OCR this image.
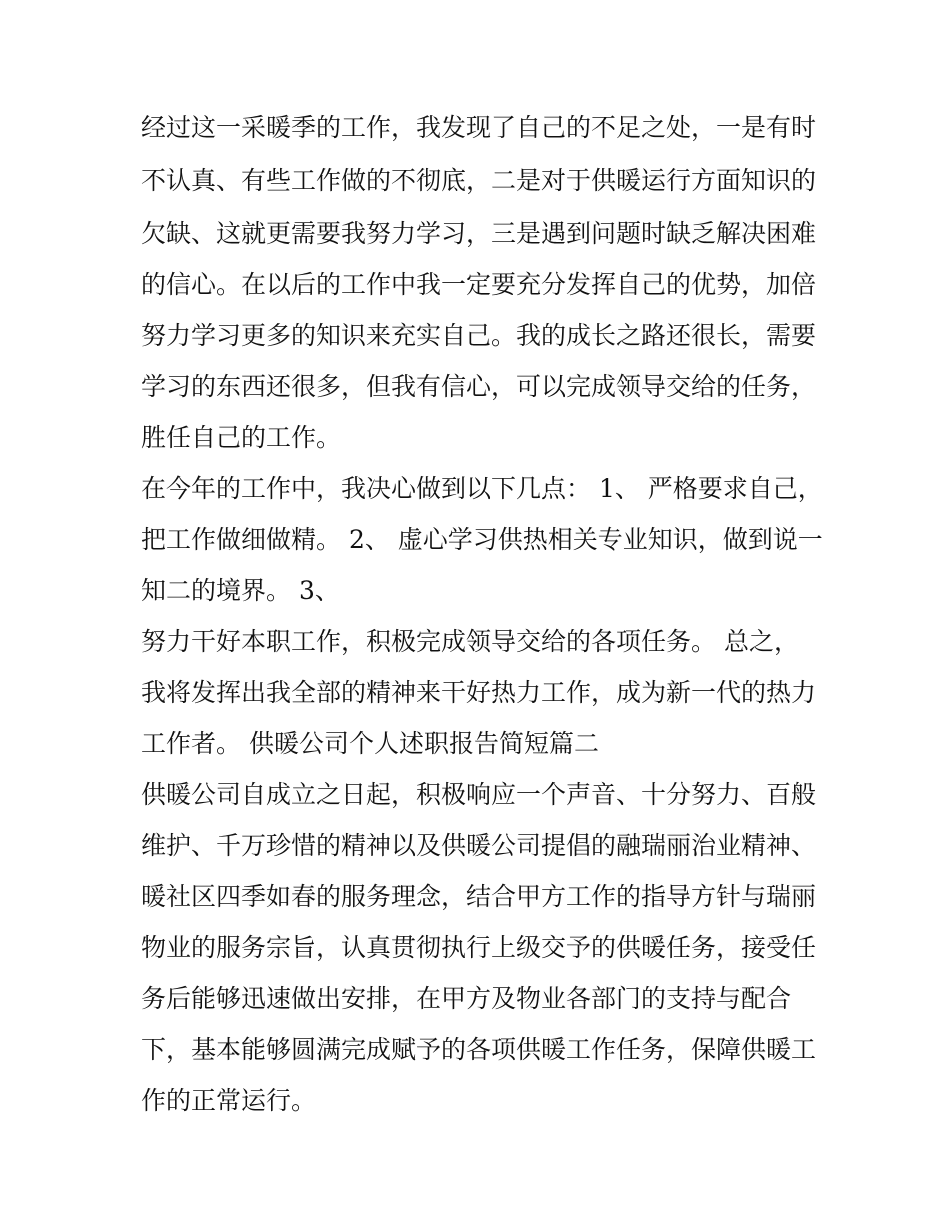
经过这一采暖季的工作，我发现了自己的不足之处，一是有时
不认真、有些工作做的不彻底，二是对于供暖运行方面知识的
欠缺、这就更需要我努力学习，三是遇到问题时缺乏解决困难
的信心。在以后的工作中我一定要充分发挥自己的优势，加倍
努力学习更多的知识来充实自己。我的成长之路还很长，需要
学习的东西还很多，但我有信心，可以完成领导交给的任务，
胜任自己的工作。
在今年的工作中，我决心做到以下几点： 1、 严格要求自己，
把工作做细做精。 2、 虚心学习供热相关专业知识，做到说一
知二的境界。 3、
努力干好本职工作，积极完成领导交给的各项任务。 总之，
我将发挥出我全部的精神来干好热力工作，成为新一代的热力
工作者。 供暖公司个人述职报告简短篇二
供暖公司自成立之日起，积极响应一个声音、十分努力、百般
维护、千万珍惜的精神以及供暖公司提倡的融瑞丽治业精神、
暖社区四季如春的服务理念，结合甲方工作的指导方针与瑞丽
物业的服务宗旨，认真贯彻执行上级交予的供暖任务，接受任
务后能够迅速做出安排，在甲方及物业各部门的支持与配合
下，基本能够圆满完成赋予的各项供暖工作任务，保障供暖工
作的正常运行。
